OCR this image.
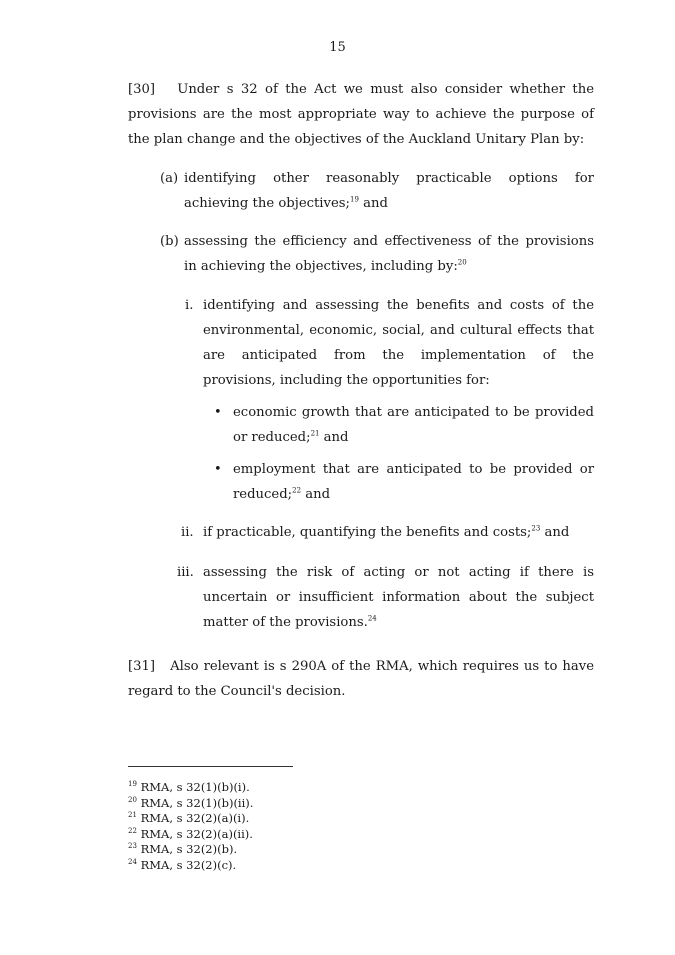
15

[30] Under s 32 of the Act we must also consider whether the provisions are the most appropriate way to achieve the purpose of the plan change and the objectives of the Auckland Unitary Plan by:

(a) identifying other reasonably practicable options for achieving the objectives;$^{19}$ and

(b) assessing the efficiency and effectiveness of the provisions in achieving the objectives, including by:$^{20}$

i. identifying and assessing the benefits and costs of the environmental, economic, social, and cultural effects that are anticipated from the implementation of the provisions, including the opportunities for:

• economic growth that are anticipated to be provided or reduced;$^{21}$ and

• employment that are anticipated to be provided or reduced;$^{22}$ and

ii. if practicable, quantifying the benefits and costs;$^{23}$ and

iii. assessing the risk of acting or not acting if there is uncertain or insufficient information about the subject matter of the provisions.$^{24}$

[31] Also relevant is s 290A of the RMA, which requires us to have regard to the Council's decision.

$^{19}$ RMA, s 32(1)(b)(i).

$^{20}$ RMA, s 32(1)(b)(ii).

$^{21}$ RMA, s 32(2)(a)(i).

$^{22}$ RMA, s 32(2)(a)(ii).

$^{23}$ RMA, s 32(2)(b).

$^{24}$ RMA, s 32(2)(c).
